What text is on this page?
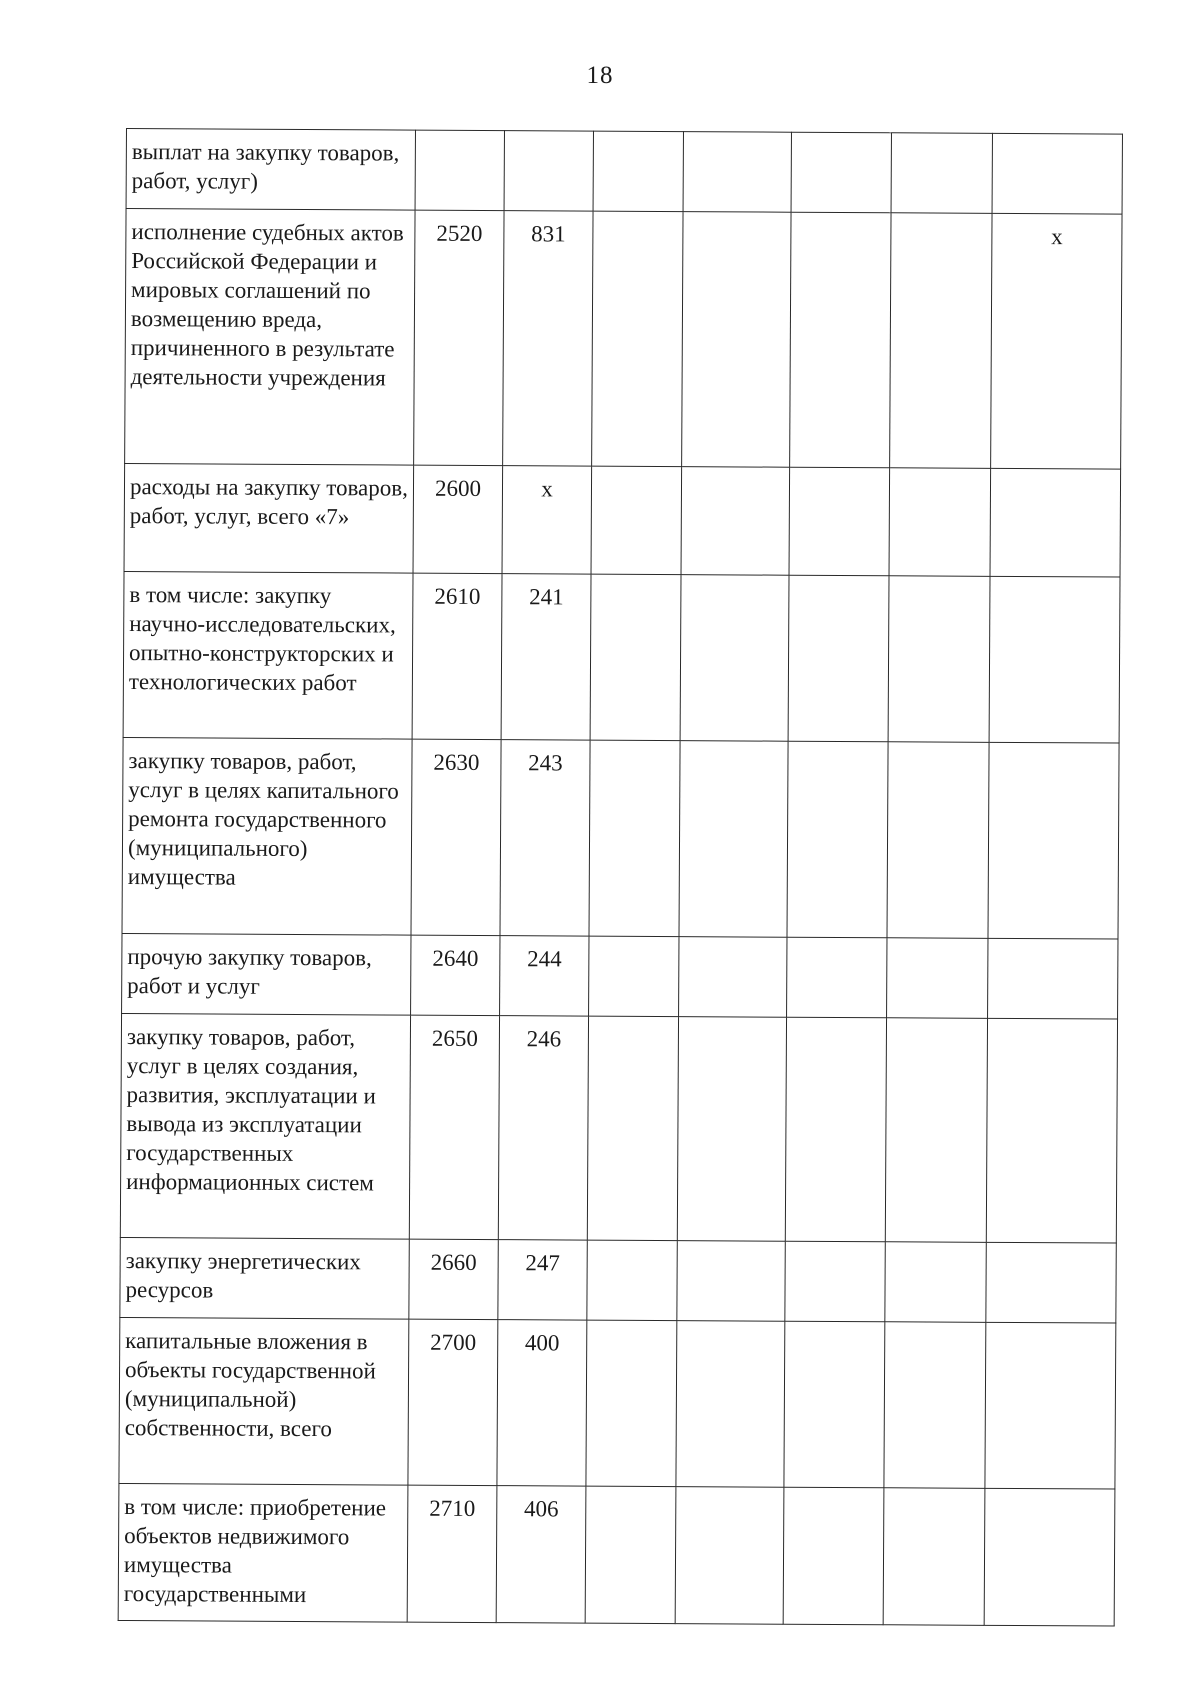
18
выплат на закупку товаров, работ, услуг)							
исполнение судебных актов Российской Федерации и мировых соглашений по возмещению вреда, причиненного в результате деятельности учреждения	2520	831					x
расходы на закупку товаров, работ, услуг, всего «7»	2600	x					
в том числе: закупку научно-исследовательских, опытно-конструкторских и технологических работ	2610	241					
закупку товаров, работ, услуг в целях капитального ремонта государственного (муниципального) имущества	2630	243					
прочую закупку товаров, работ и услуг	2640	244					
закупку товаров, работ, услуг в целях создания, развития, эксплуатации и вывода из эксплуатации государственных информационных систем	2650	246					
закупку энергетических ресурсов	2660	247					
капитальные вложения в объекты государственной (муниципальной) собственности, всего	2700	400					
в том числе: приобретение объектов недвижимого имущества государственными	2710	406					
